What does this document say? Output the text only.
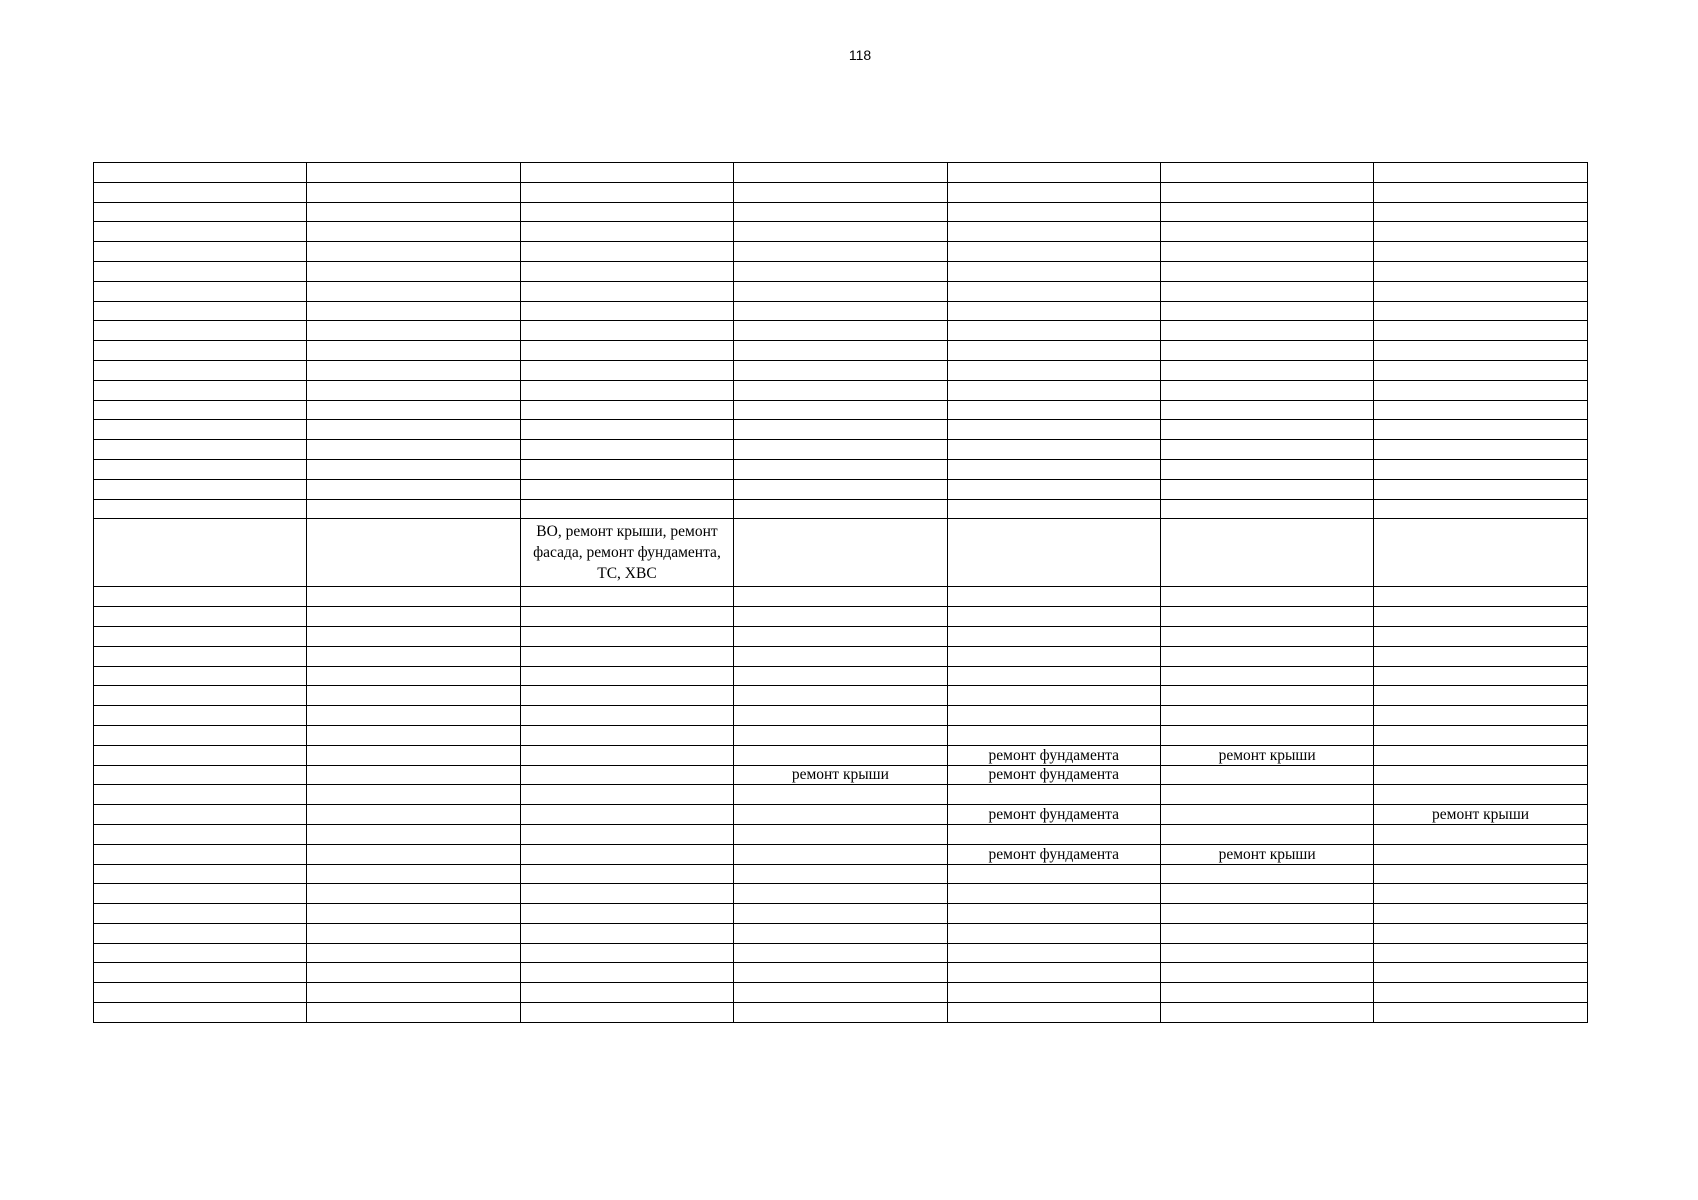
118

		ВО, ремонт крыши, ремонт фасада, ремонт фундамента, ТС, ХВС				

				ремонт фундамента	ремонт крыши	
			ремонт крыши	ремонт фундамента		

				ремонт фундамента		ремонт крыши

				ремонт фундамента	ремонт крыши	
